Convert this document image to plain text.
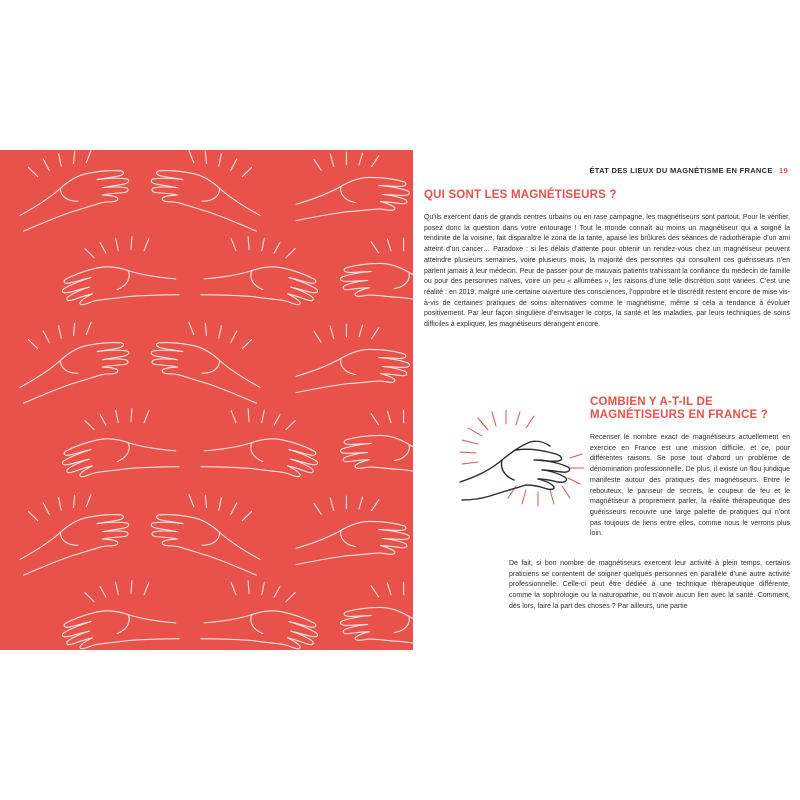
ÉTAT DES LIEUX DU MAGNÉTISME EN FRANCE 19
QUI SONT LES MAGNÉTISEURS ?
Qu’ils exercent dans de grands centres urbains ou en rase campagne, les magnétiseurs sont partout. Pour le vérifier, posez donc la question dans votre entourage ! Tout le monde connaît au moins un magnétiseur qui a soigné la tendinite de la voisine, fait disparaître le zona de la tante, apaisé les brûlures des séances de radiothérapie d’un ami atteint d’un cancer… Paradoxe : si les délais d’attente pour obtenir un rendez-vous chez un magnétiseur peuvent atteindre plusieurs semaines, voire plusieurs mois, la majorité des personnes qui consultent ces guérisseurs n’en parlent jamais à leur médecin. Peur de passer pour de mauvais patients trahissant la confiance du médecin de famille ou pour des personnes naïves, voire un peu « allumées », les raisons d’une telle discrétion sont variées. C’est une réalité : en 2019, malgré une certaine ouverture des consciences, l’opprobre et le discrédit restent encore de mise vis-à-vis de certaines pratiques de soins alternatives comme le magnétisme, même si cela a tendance à évoluer positivement. Par leur façon singulière d’envisager le corps, la santé et les maladies, par leurs techniques de soins difficiles à expliquer, les magnétiseurs dérangent encore.
COMBIEN Y A-T-IL DE MAGNÉTISEURS EN FRANCE ?
Recenser le nombre exact de magnétiseurs actuellement en exercice en France est une mission difficile, et ce, pour différentes raisons. Se pose tout d’abord un problème de dénomination professionnelle. De plus, il existe un flou juridique manifeste autour des pratiques des magnétiseurs. Entre le rebouteux, le panseur de secrets, le coupeur de feu et le magnétiseur à proprement parler, la réalité thérapeutique des guérisseurs recouvre une large palette de pratiques qui n’ont pas toujours de liens entre elles, comme nous le verrons plus loin.
De fait, si bon nombre de magnétiseurs exercent leur activité à plein temps, certains praticiens se contentent de soigner quelques personnes en parallèle d’une autre activité professionnelle. Celle-ci peut être dédiée à une technique thérapeutique différente, comme la sophrologie ou la naturopathie, ou n’avoir aucun lien avec la santé. Comment, dès lors, faire la part des choses ? Par ailleurs, une partie
